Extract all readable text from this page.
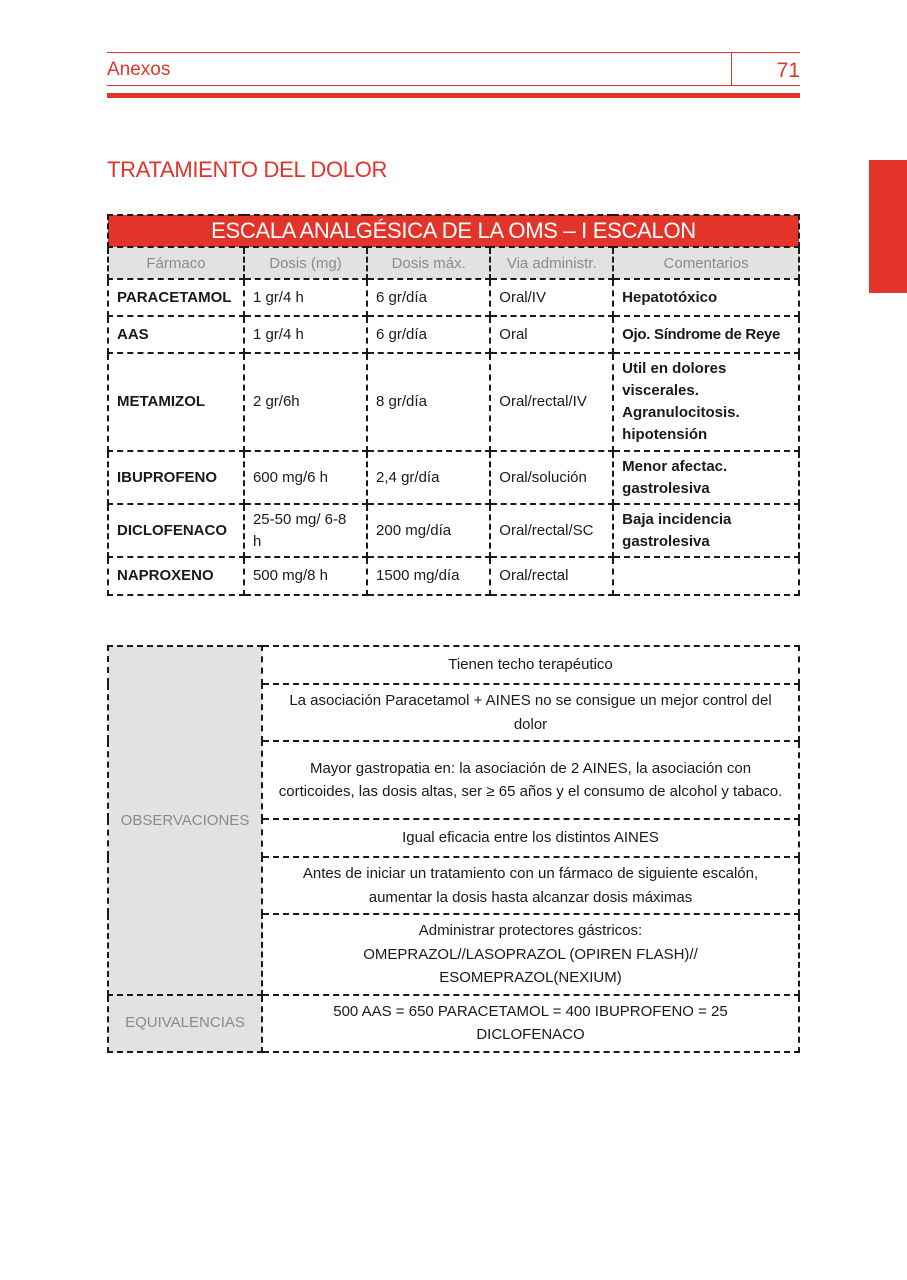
Anexos	71
TRATAMIENTO DEL DOLOR
ESCALA ANALGÉSICA DE LA OMS – I ESCALON				
Fármaco	Dosis (mg)	Dosis máx.	Via administr.	Comentarios
PARACETAMOL	1 gr/4 h	6 gr/día	Oral/IV	Hepatotóxico
AAS	1 gr/4 h	6 gr/día	Oral	Ojo. Síndrome de Reye
METAMIZOL	2 gr/6h	8 gr/día	Oral/rectal/IV	Util en dolores viscerales. Agranulocitosis. hipotensión
IBUPROFENO	600 mg/6 h	2,4 gr/día	Oral/solución	Menor afectac. gastrolesiva
DICLOFENACO	25-50 mg/ 6-8 h	200 mg/día	Oral/rectal/SC	Baja incidencia gastrolesiva
NAPROXENO	500 mg/8 h	1500 mg/día	Oral/rectal	
OBSERVACIONES	Tienen techo terapéutico
	La asociación Paracetamol + AINES no se consigue un mejor control del dolor
	Mayor gastropatia en: la asociación de 2 AINES, la asociación con corticoides, las dosis altas, ser ≥ 65 años y el consumo de alcohol y tabaco.
	Igual eficacia entre los distintos AINES
	Antes de iniciar un tratamiento con un fármaco de siguiente escalón, aumentar la dosis hasta alcanzar dosis máximas
	Administrar protectores gástricos: OMEPRAZOL//LASOPRAZOL (OPIREN FLASH)// ESOMEPRAZOL(NEXIUM)
EQUIVALENCIAS	500 AAS = 650 PARACETAMOL = 400 IBUPROFENO = 25 DICLOFENACO
